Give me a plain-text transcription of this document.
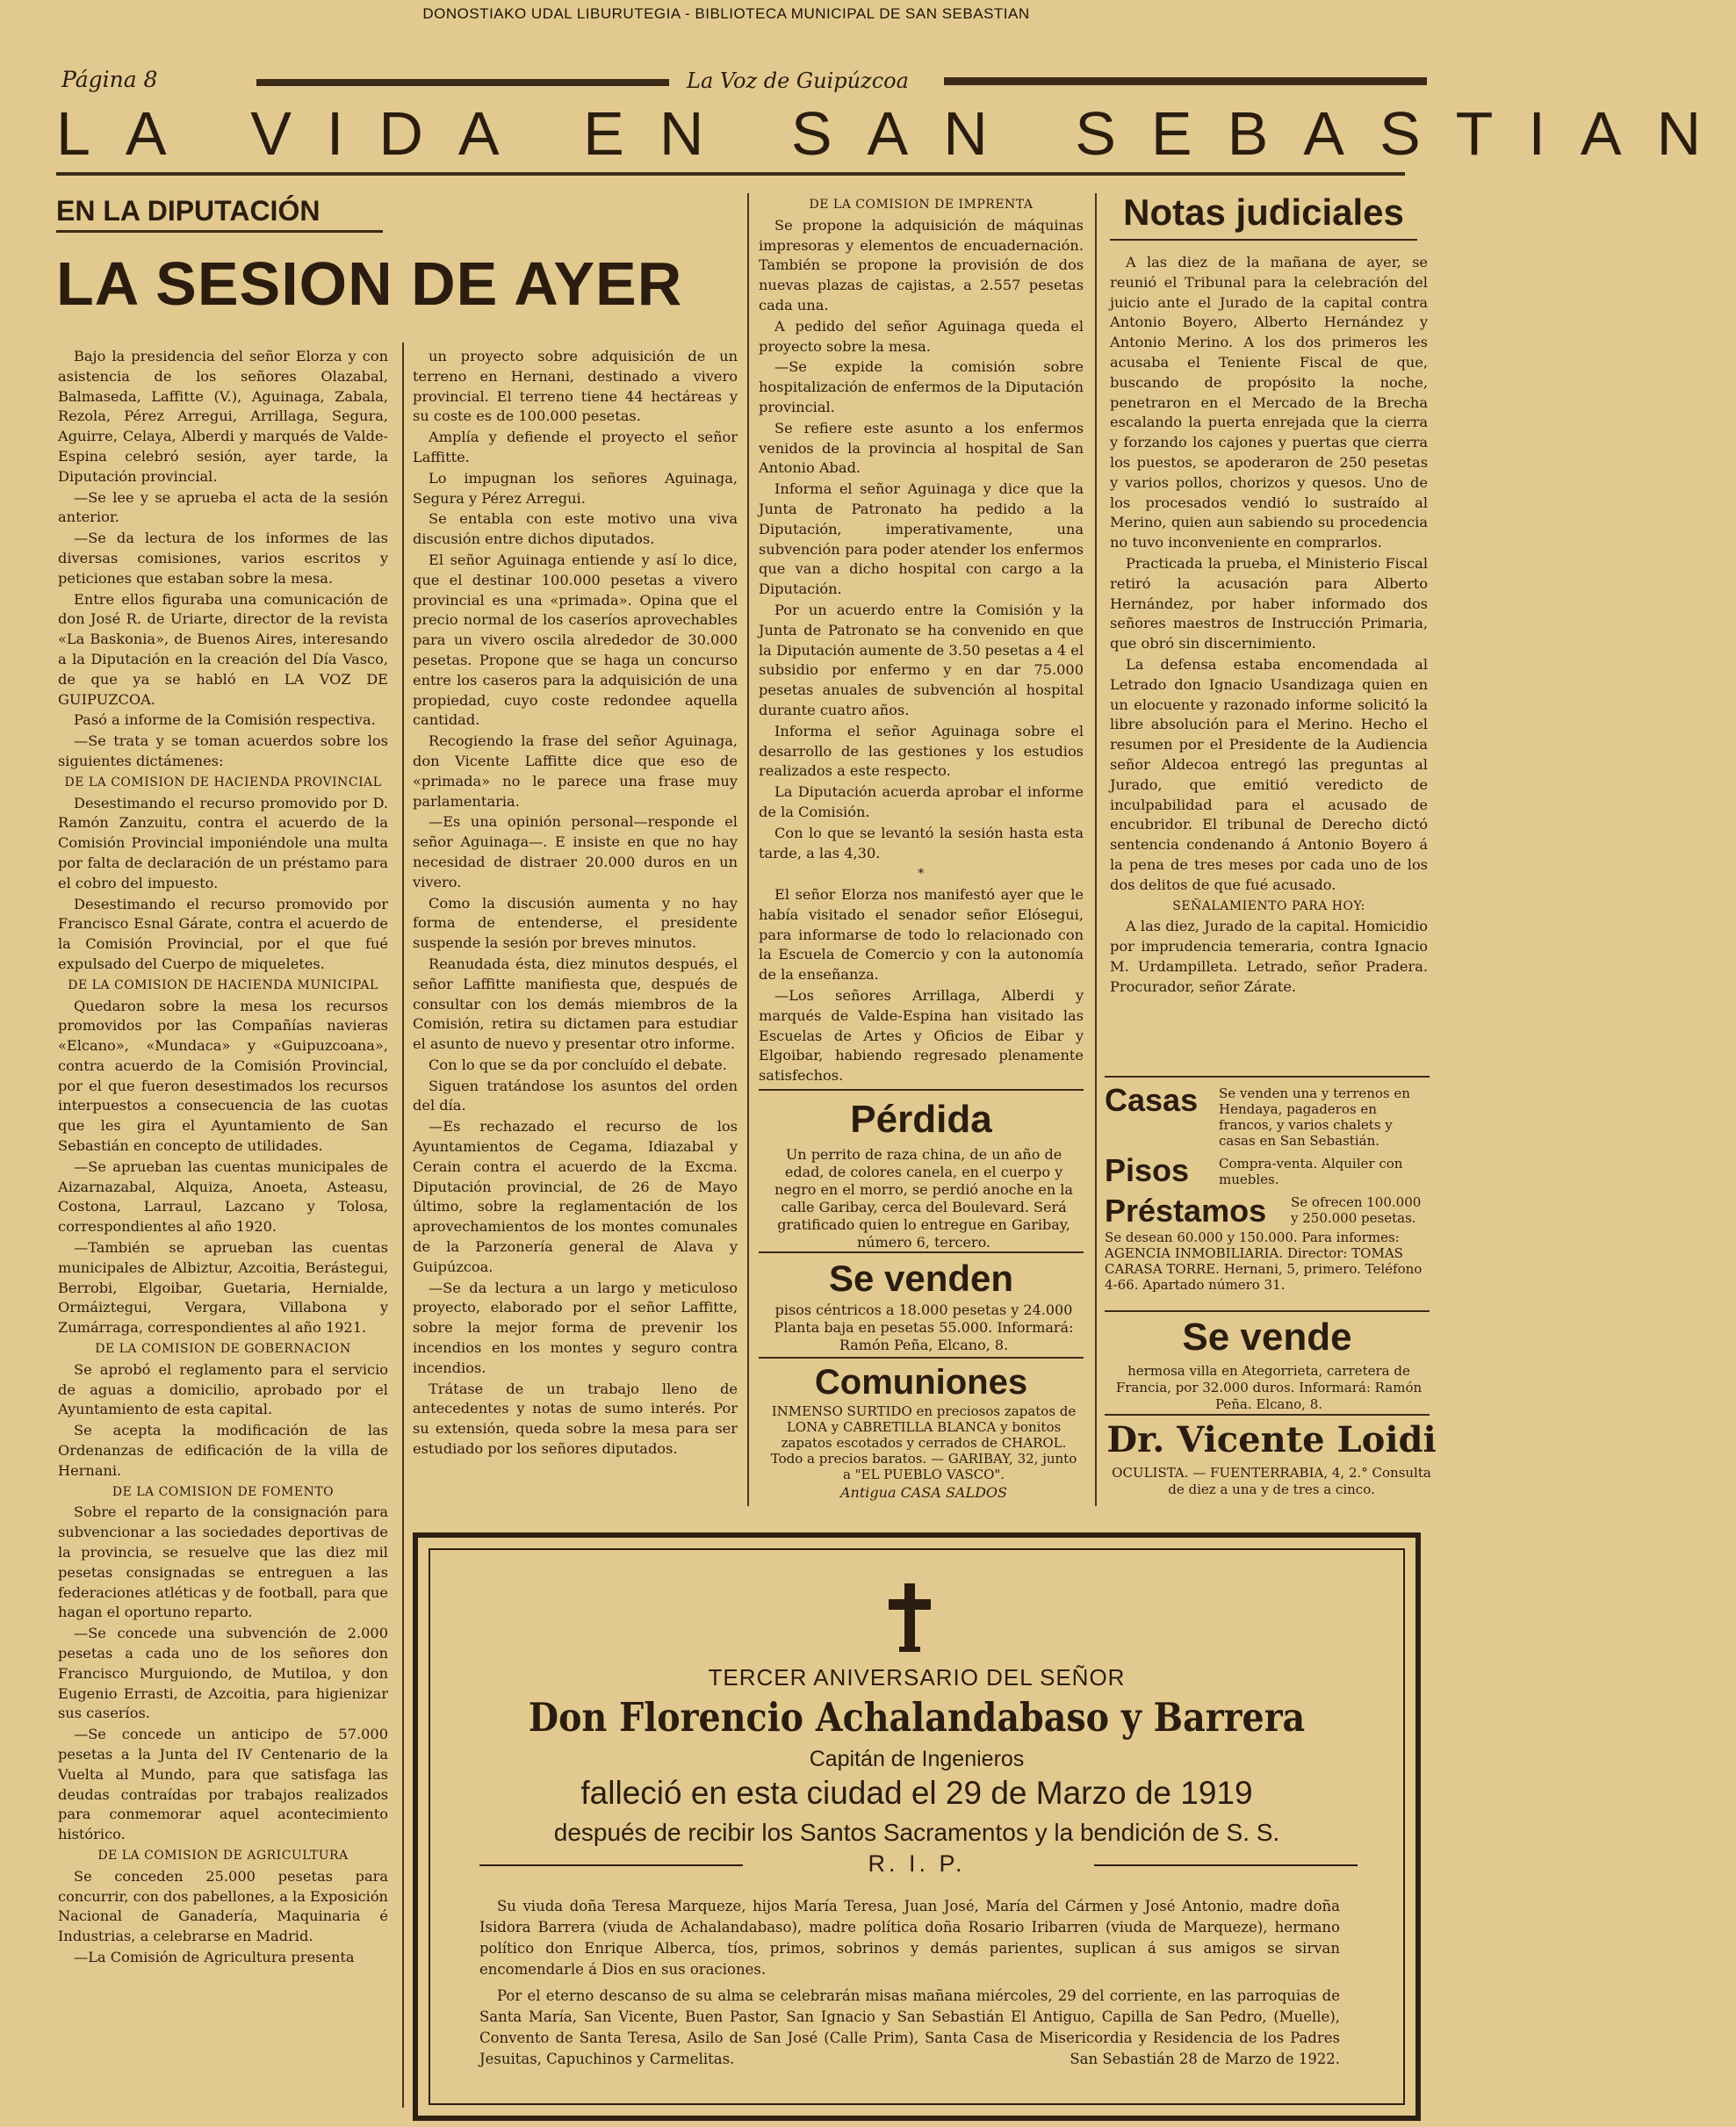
DONOSTIAKO UDAL LIBURUTEGIA - BIBLIOTECA MUNICIPAL DE SAN SEBASTIAN
Página 8	La Voz de Guipúzcoa
LA VIDA EN SAN SEBASTIAN
EN LA DIPUTACIÓN
LA SESION DE AYER

Bajo la presidencia del señor Elorza y con asistencia de los señores Olazabal, Balmaseda, Laffitte (V.), Aguinaga, Zabala, Rezola, Pérez Arregui, Arrillaga, Segura, Aguirre, Celaya, Alberdi y marqués de Valde-Espina celebró sesión, ayer tarde, la Diputación provincial.

—Se lee y se aprueba el acta de la sesión anterior.

—Se da lectura de los informes de las diversas comisiones, varios escritos y peticiones que estaban sobre la mesa.

Entre ellos figuraba una comunicación de don José R. de Uriarte, director de la revista «La Baskonia», de Buenos Aires, interesando a la Diputación en la creación del Día Vasco, de que ya se habló en LA VOZ DE GUIPUZCOA.

Pasó a informe de la Comisión respectiva.

—Se trata y se toman acuerdos sobre los siguientes dictámenes:

DE LA COMISION DE HACIENDA PROVINCIAL

Desestimando el recurso promovido por D. Ramón Zanzuitu, contra el acuerdo de la Comisión Provincial imponiéndole una multa por falta de declaración de un préstamo para el cobro del impuesto.

Desestimando el recurso promovido por Francisco Esnal Gárate, contra el acuerdo de la Comisión Provincial, por el que fué expulsado del Cuerpo de miqueletes.

DE LA COMISION DE HACIENDA MUNICIPAL

Quedaron sobre la mesa los recursos promovidos por las Compañías navieras «Elcano», «Mundaca» y «Guipuzcoana», contra acuerdo de la Comisión Provincial, por el que fueron desestimados los recursos interpuestos a consecuencia de las cuotas que les gira el Ayuntamiento de San Sebastián en concepto de utilidades.

—Se aprueban las cuentas municipales de Aizarnazabal, Alquiza, Anoeta, Asteasu, Costona, Larraul, Lazcano y Tolosa, correspondientes al año 1920.

—También se aprueban las cuentas municipales de Albiztur, Azcoitia, Berástegui, Berrobi, Elgoibar, Guetaria, Hernialde, Ormáiztegui, Vergara, Villabona y Zumárraga, correspondientes al año 1921.

DE LA COMISION DE GOBERNACION

Se aprobó el reglamento para el servicio de aguas a domicilio, aprobado por el Ayuntamiento de esta capital.

Se acepta la modificación de las Ordenanzas de edificación de la villa de Hernani.

DE LA COMISION DE FOMENTO

Sobre el reparto de la consignación para subvencionar a las sociedades deportivas de la provincia, se resuelve que las diez mil pesetas consignadas se entreguen a las federaciones atléticas y de football, para que hagan el oportuno reparto.

—Se concede una subvención de 2.000 pesetas a cada uno de los señores don Francisco Murguiondo, de Mutiloa, y don Eugenio Errasti, de Azcoitia, para higienizar sus caseríos.

—Se concede un anticipo de 57.000 pesetas a la Junta del IV Centenario de la Vuelta al Mundo, para que satisfaga las deudas contraídas por trabajos realizados para conmemorar aquel acontecimiento histórico.

DE LA COMISION DE AGRICULTURA

Se conceden 25.000 pesetas para concurrir, con dos pabellones, a la Exposición Nacional de Ganadería, Maquinaria é Industrias, a celebrarse en Madrid.

—La Comisión de Agricultura presenta

un proyecto sobre adquisición de un terreno en Hernani, destinado a vivero provincial. El terreno tiene 44 hectáreas y su coste es de 100.000 pesetas.

Amplía y defiende el proyecto el señor Laffitte.

Lo impugnan los señores Aguinaga, Segura y Pérez Arregui.

Se entabla con este motivo una viva discusión entre dichos diputados.

El señor Aguinaga entiende y así lo dice, que el destinar 100.000 pesetas a vivero provincial es una «primada». Opina que el precio normal de los caseríos aprovechables para un vivero oscila alrededor de 30.000 pesetas. Propone que se haga un concurso entre los caseros para la adquisición de una propiedad, cuyo coste redondee aquella cantidad.

Recogiendo la frase del señor Aguinaga, don Vicente Laffitte dice que eso de «primada» no le parece una frase muy parlamentaria.

—Es una opinión personal—responde el señor Aguinaga—. E insiste en que no hay necesidad de distraer 20.000 duros en un vivero.

Como la discusión aumenta y no hay forma de entenderse, el presidente suspende la sesión por breves minutos.

Reanudada ésta, diez minutos después, el señor Laffitte manifiesta que, después de consultar con los demás miembros de la Comisión, retira su dictamen para estudiar el asunto de nuevo y presentar otro informe.

Con lo que se da por concluído el debate.

Siguen tratándose los asuntos del orden del día.

—Es rechazado el recurso de los Ayuntamientos de Cegama, Idiazabal y Cerain contra el acuerdo de la Excma. Diputación provincial, de 26 de Mayo último, sobre la reglamentación de los aprovechamientos de los montes comunales de la Parzonería general de Alava y Guipúzcoa.

—Se da lectura a un largo y meticuloso proyecto, elaborado por el señor Laffitte, sobre la mejor forma de prevenir los incendios en los montes y seguro contra incendios.

Trátase de un trabajo lleno de antecedentes y notas de sumo interés. Por su extensión, queda sobre la mesa para ser estudiado por los señores diputados.

DE LA COMISION DE IMPRENTA

Se propone la adquisición de máquinas impresoras y elementos de encuadernación. También se propone la provisión de dos nuevas plazas de cajistas, a 2.557 pesetas cada una.

A pedido del señor Aguinaga queda el proyecto sobre la mesa.

—Se expide la comisión sobre hospitalización de enfermos de la Diputación provincial.

Se refiere este asunto a los enfermos venidos de la provincia al hospital de San Antonio Abad.

Informa el señor Aguinaga y dice que la Junta de Patronato ha pedido a la Diputación, imperativamente, una subvención para poder atender los enfermos que van a dicho hospital con cargo a la Diputación.

Por un acuerdo entre la Comisión y la Junta de Patronato se ha convenido en que la Diputación aumente de 3.50 pesetas a 4 el subsidio por enfermo y en dar 75.000 pesetas anuales de subvención al hospital durante cuatro años.

Informa el señor Aguinaga sobre el desarrollo de las gestiones y los estudios realizados a este respecto.

La Diputación acuerda aprobar el informe de la Comisión.

Con lo que se levantó la sesión hasta esta tarde, a las 4,30.

*

El señor Elorza nos manifestó ayer que le había visitado el senador señor Elósegui, para informarse de todo lo relacionado con la Escuela de Comercio y con la autonomía de la enseñanza.

—Los señores Arrillaga, Alberdi y marqués de Valde-Espina han visitado las Escuelas de Artes y Oficios de Eibar y Elgoibar, habiendo regresado plenamente satisfechos.

Pérdida
Un perrito de raza china, de un año de edad, de colores canela, en el cuerpo y negro en el morro, se perdió anoche en la calle Garibay, cerca del Boulevard. Será gratificado quien lo entregue en Garibay, número 6, tercero.
Se venden
pisos céntricos a 18.000 pesetas y 24.000 Planta baja en pesetas 55.000. Informará: Ramón Peña, Elcano, 8.
Comuniones
INMENSO SURTIDO en preciosos zapatos de LONA y CABRETILLA BLANCA y bonitos zapatos escotados y cerrados de CHAROL. Todo a precios baratos. — GARIBAY, 32, junto a "EL PUEBLO VASCO".
Antigua CASA SALDOS
Notas judiciales

A las diez de la mañana de ayer, se reunió el Tribunal para la celebración del juicio ante el Jurado de la capital contra Antonio Boyero, Alberto Hernández y Antonio Merino. A los dos primeros les acusaba el Teniente Fiscal de que, buscando de propósito la noche, penetraron en el Mercado de la Brecha escalando la puerta enrejada que la cierra y forzando los cajones y puertas que cierra los puestos, se apoderaron de 250 pesetas y varios pollos, chorizos y quesos. Uno de los procesados vendió lo sustraído al Merino, quien aun sabiendo su procedencia no tuvo inconveniente en comprarlos.

Practicada la prueba, el Ministerio Fiscal retiró la acusación para Alberto Hernández, por haber informado dos señores maestros de Instrucción Primaria, que obró sin discernimiento.

La defensa estaba encomendada al Letrado don Ignacio Usandizaga quien en un elocuente y razonado informe solicitó la libre absolución para el Merino. Hecho el resumen por el Presidente de la Audiencia señor Aldecoa entregó las preguntas al Jurado, que emitió veredicto de inculpabilidad para el acusado de encubridor. El tribunal de Derecho dictó sentencia condenando á Antonio Boyero á la pena de tres meses por cada uno de los dos delitos de que fué acusado.

SEÑALAMIENTO PARA HOY:

A las diez, Jurado de la capital. Homicidio por imprudencia temeraria, contra Ignacio M. Urdampilleta. Letrado, señor Pradera. Procurador, señor Zárate.

Casas Se venden una y terrenos en Hendaya, pagaderos en francos, y varios chalets y casas en San Sebastián.
Pisos Compra-venta. Alquiler con muebles.
Préstamos Se ofrecen 100.000 y 250.000 pesetas.
Se desean 60.000 y 150.000. Para informes: AGENCIA INMOBILIARIA. Director: TOMAS CARASA TORRE. Hernani, 5, primero. Teléfono 4-66. Apartado número 31.
Se vende
hermosa villa en Ategorrieta, carretera de Francia, por 32.000 duros. Informará: Ramón Peña. Elcano, 8.
Dr. Vicente Loidi
OCULISTA. — FUENTERRABIA, 4, 2.° Consulta de diez a una y de tres a cinco.
TERCER ANIVERSARIO DEL SEÑOR
Don Florencio Achalandabaso y Barrera
Capitán de Ingenieros
falleció en esta ciudad el 29 de Marzo de 1919
después de recibir los Santos Sacramentos y la bendición de S. S.
R. I. P.
Su viuda doña Teresa Marqueze, hijos María Teresa, Juan José, María del Cármen y José Antonio, madre doña Isidora Barrera (viuda de Achalandabaso), madre política doña Rosario Iribarren (viuda de Marqueze), hermano político don Enrique Alberca, tíos, primos, sobrinos y demás parientes, suplican á sus amigos se sirvan encomendarle á Dios en sus oraciones.
Por el eterno descanso de su alma se celebrarán misas mañana miércoles, 29 del corriente, en las parroquias de Santa María, San Vicente, Buen Pastor, San Ignacio y San Sebastián El Antiguo, Capilla de San Pedro, (Muelle), Convento de Santa Teresa, Asilo de San José (Calle Prim), Santa Casa de Misericordia y Residencia de los Padres Jesuitas, Capuchinos y Carmelitas.	San Sebastián 28 de Marzo de 1922.
